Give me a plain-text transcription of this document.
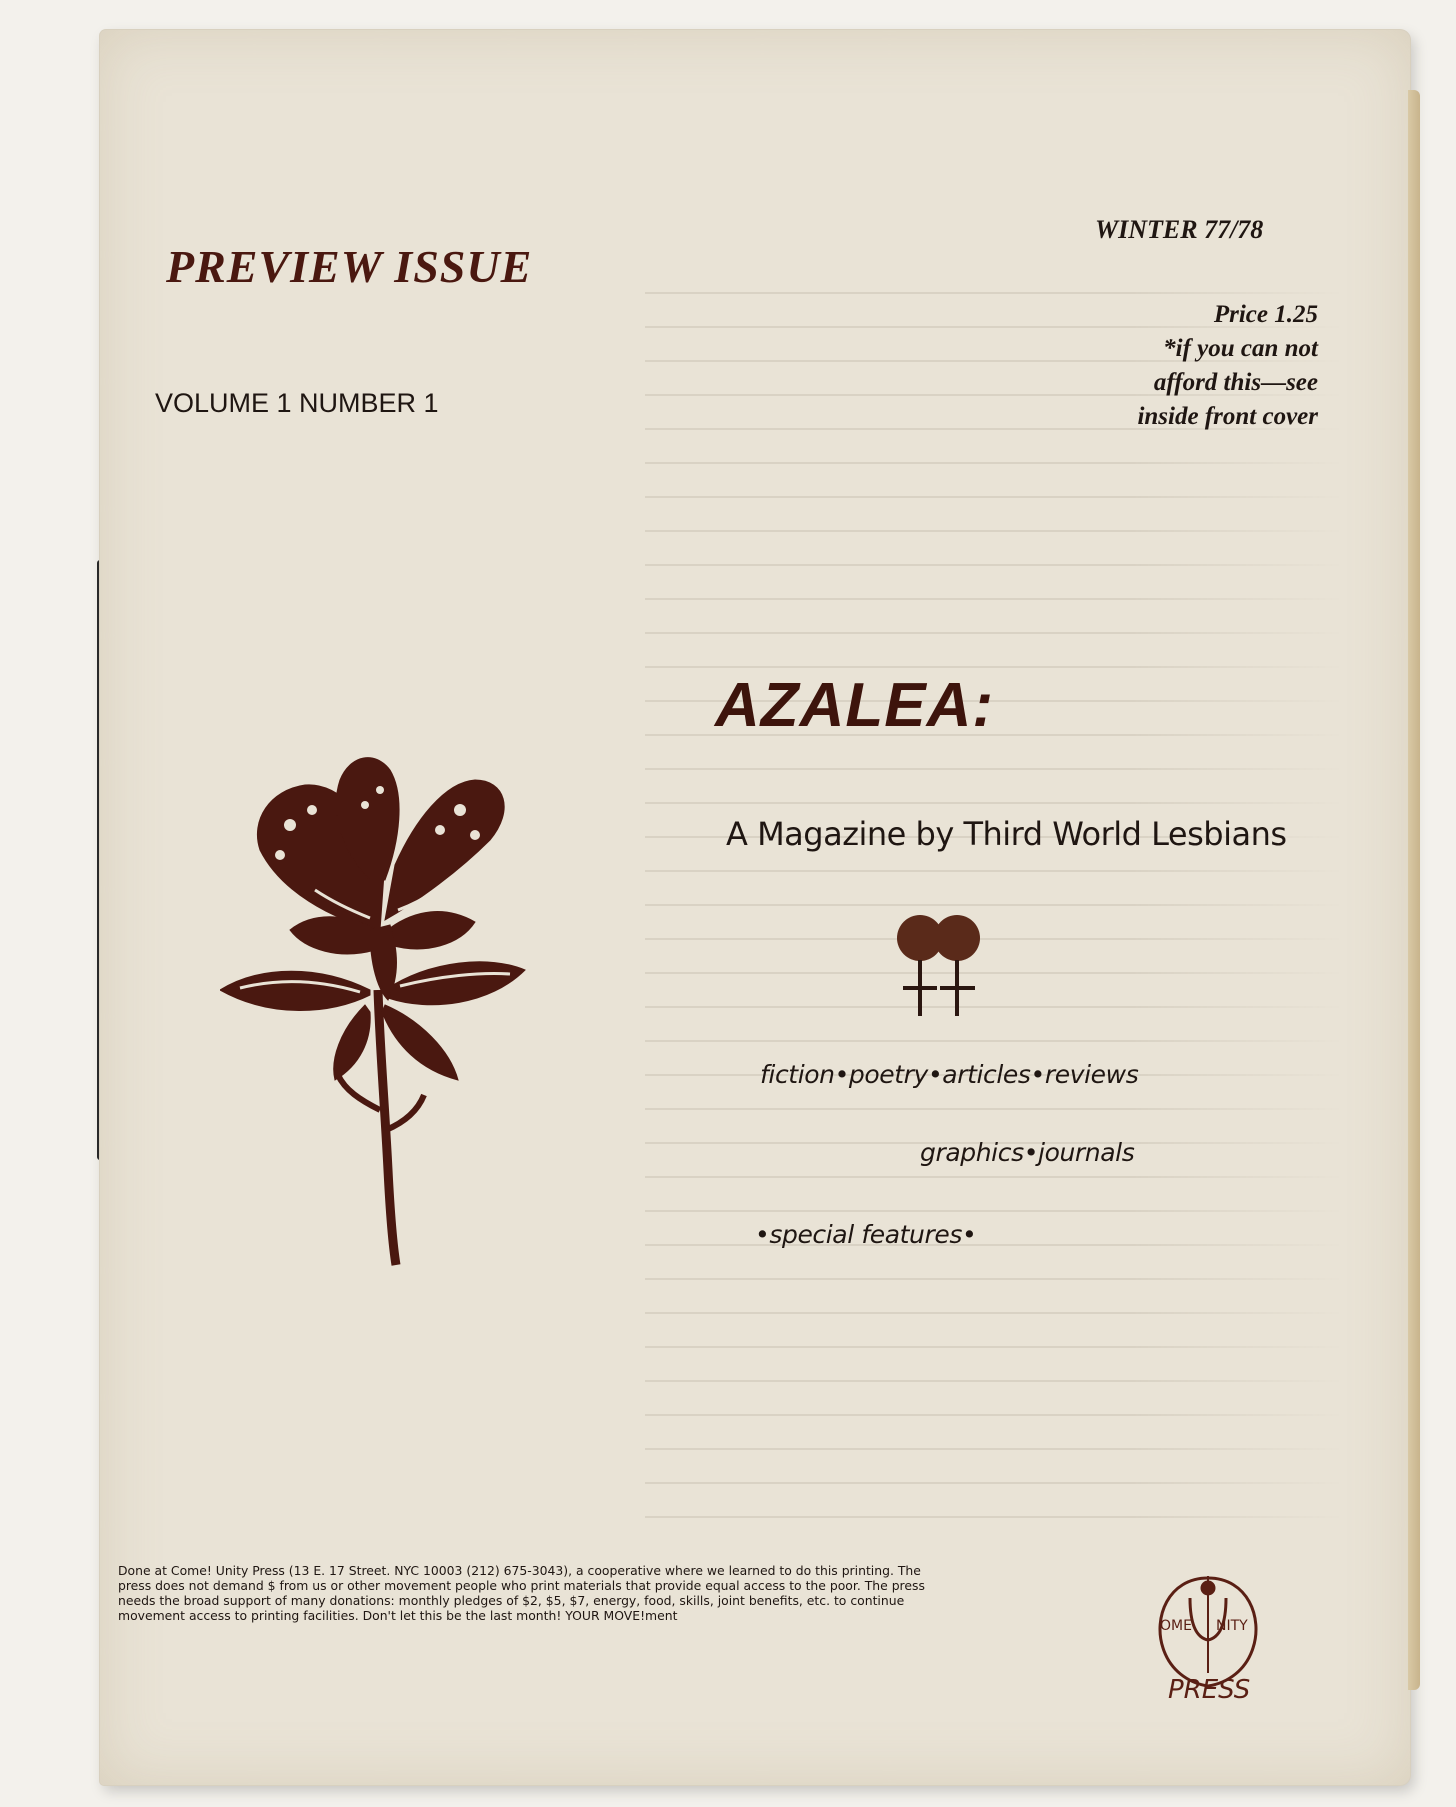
PREVIEW ISSUE
VOLUME 1 NUMBER 1
WINTER 77/78
Price 1.25
*if you can not
afford this—see
inside front cover
AZALEA:
A Magazine by Third World Lesbians
fiction•poetry•articles•reviews
graphics•journals
•special features•
Done at Come! Unity Press (13 E. 17 Street. NYC 10003 (212) 675-3043), a cooperative where we learned to do this printing. The press does not demand $ from us or other movement people who print materials that provide equal access to the poor. The press needs the broad support of many donations: monthly pledges of $2, $5, $7, energy, food, skills, joint benefits, etc. to continue movement access to printing facilities. Don't let this be the last month! YOUR MOVE!ment
OME NITY
PRESS
